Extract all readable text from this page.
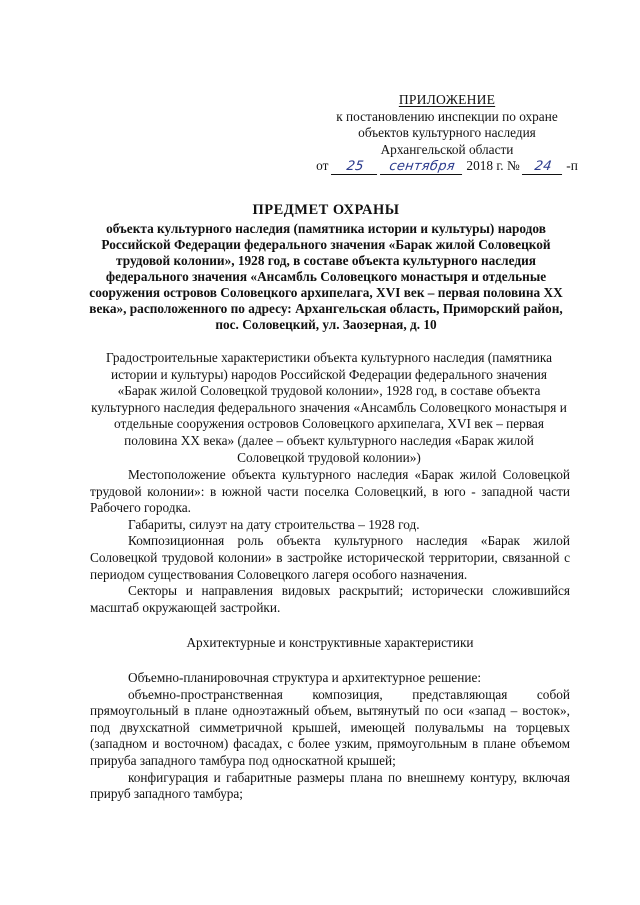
ПРИЛОЖЕНИЕ
к постановлению инспекции по охране
объектов культурного наследия
Архангельской области
от 25 сентября 2018 г. № 24 -п
ПРЕДМЕТ ОХРАНЫ
объекта культурного наследия (памятника истории и культуры) народов Российской Федерации федерального значения «Барак жилой Соловецкой трудовой колонии», 1928 год, в составе объекта культурного наследия федерального значения «Ансамбль Соловецкого монастыря и отдельные сооружения островов Соловецкого архипелага, XVI век – первая половина XX века», расположенного по адресу: Архангельская область, Приморский район, пос. Соловецкий, ул. Заозерная, д. 10
Градостроительные характеристики объекта культурного наследия (памятника истории и культуры) народов Российской Федерации федерального значения «Барак жилой Соловецкой трудовой колонии», 1928 год, в составе объекта культурного наследия федерального значения «Ансамбль Соловецкого монастыря и отдельные сооружения островов Соловецкого архипелага, XVI век – первая половина XX века» (далее – объект культурного наследия «Барак жилой Соловецкой трудовой колонии»)

Местоположение объекта культурного наследия «Барак жилой Соловецкой трудовой колонии»: в южной части поселка Соловецкий, в юго - западной части Рабочего городка.

Габариты, силуэт на дату строительства – 1928 год.

Композиционная роль объекта культурного наследия «Барак жилой Соловецкой трудовой колонии» в застройке исторической территории, связанной с периодом существования Соловецкого лагеря особого назначения.

Секторы и направления видовых раскрытий; исторически сложившийся масштаб окружающей застройки.

Архитектурные и конструктивные характеристики

Объемно-планировочная структура и архитектурное решение:

объемно-пространственная композиция, представляющая собой прямоугольный в плане одноэтажный объем, вытянутый по оси «запад – восток», под двухскатной симметричной крышей, имеющей полувальмы на торцевых (западном и восточном) фасадах, с более узким, прямоугольным в плане объемом прируба западного тамбура под односкатной крышей;

конфигурация и габаритные размеры плана по внешнему контуру, включая прируб западного тамбура;
